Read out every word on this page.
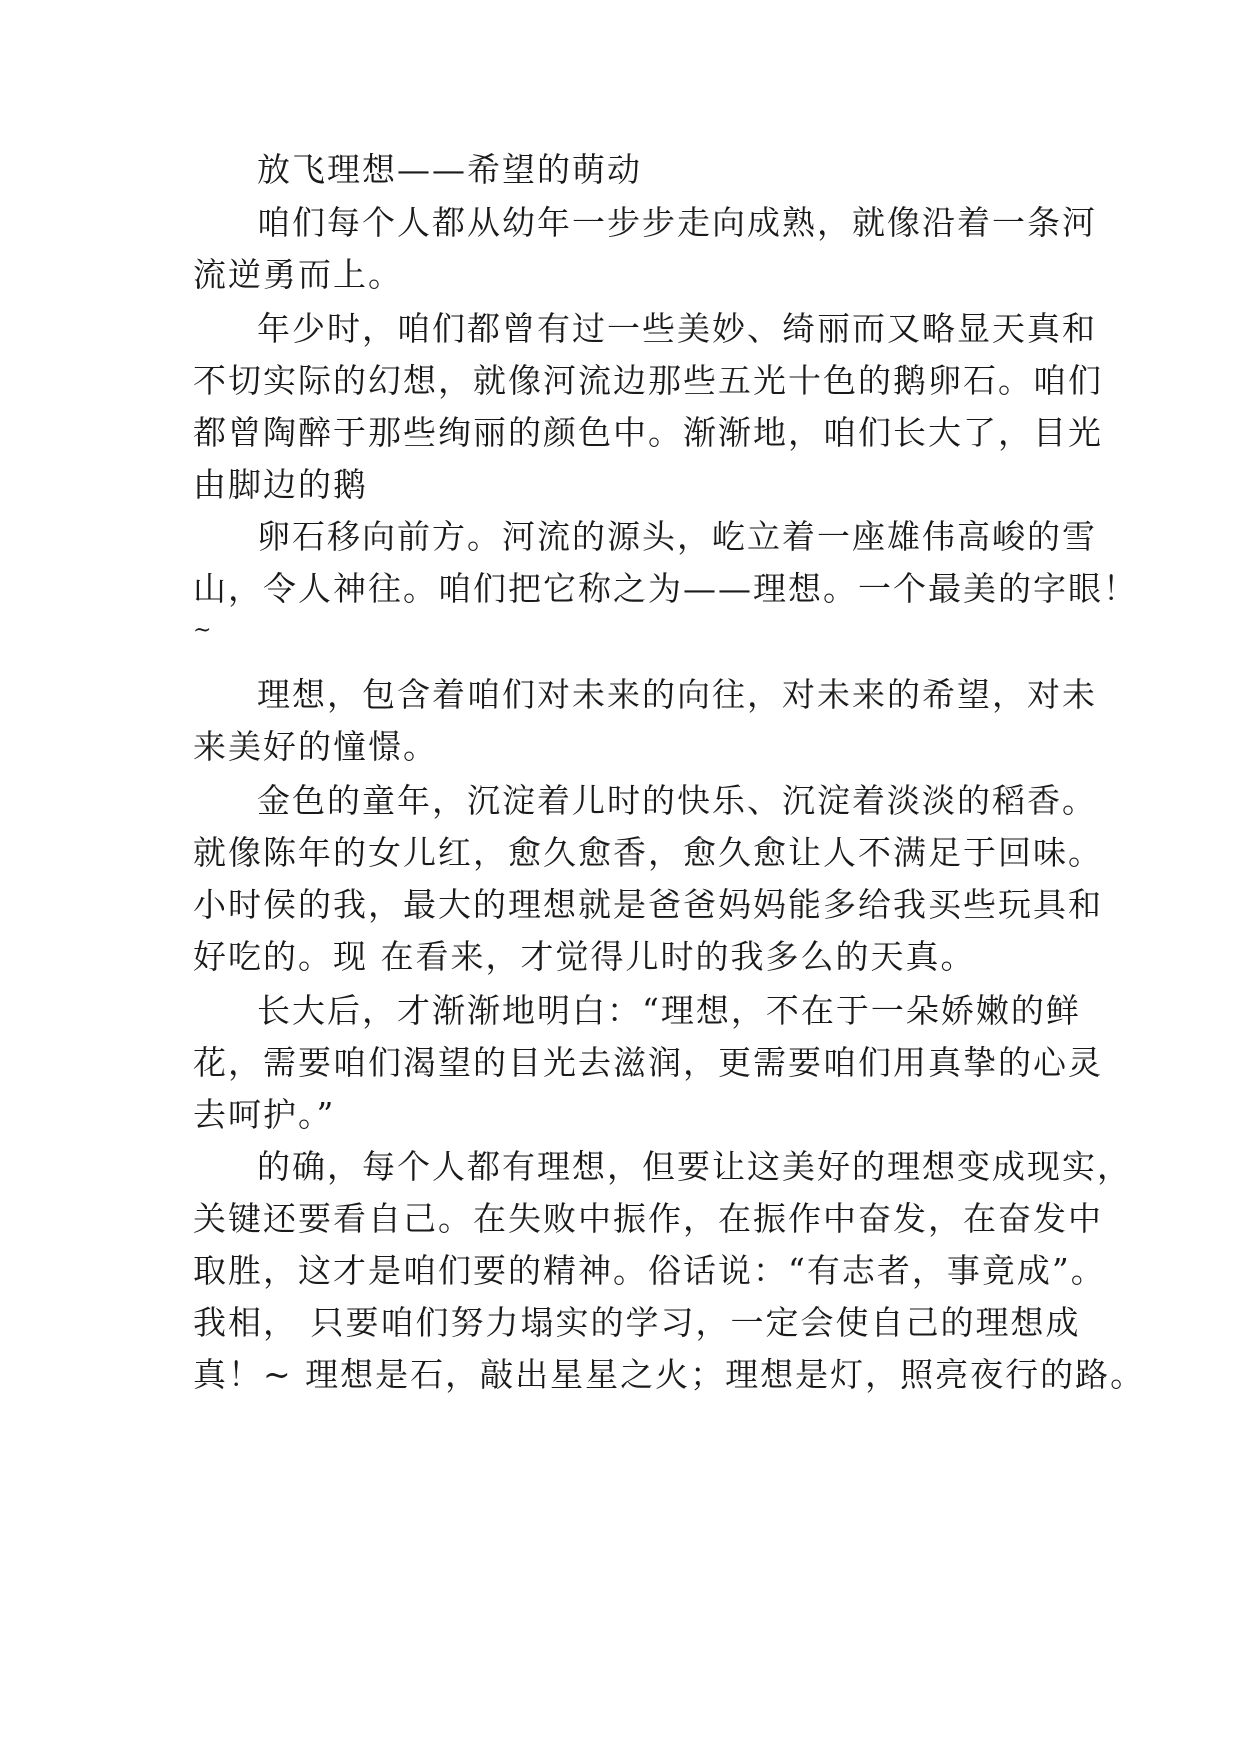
放飞理想——希望的萌动
咱们每个人都从幼年一步步走向成熟，就像沿着一条河
流逆勇而上。
年少时，咱们都曾有过一些美妙、绮丽而又略显天真和
不切实际的幻想，就像河流边那些五光十色的鹅卵石。咱们
都曾陶醉于那些绚丽的颜色中。渐渐地，咱们长大了，目光
由脚边的鹅
卵石移向前方。河流的源头，屹立着一座雄伟高峻的雪
山，令人神往。咱们把它称之为——理想。一个最美的字眼！
~
理想，包含着咱们对未来的向往，对未来的希望，对未
来美好的憧憬。
金色的童年，沉淀着儿时的快乐、沉淀着淡淡的稻香。
就像陈年的女儿红，愈久愈香，愈久愈让人不满足于回味。
小时侯的我，最大的理想就是爸爸妈妈能多给我买些玩具和
好吃的。现 在看来，才觉得儿时的我多么的天真。
长大后，才渐渐地明白：“理想，不在于一朵娇嫩的鲜
花，需要咱们渴望的目光去滋润，更需要咱们用真挚的心灵
去呵护。”
的确，每个人都有理想，但要让这美好的理想变成现实，
关键还要看自己。在失败中振作，在振作中奋发，在奋发中
取胜，这才是咱们要的精神。俗话说：“有志者，事竟成”。
我相， 只要咱们努力塌实的学习，一定会使自己的理想成
真！~ 理想是石，敲出星星之火；理想是灯，照亮夜行的路。
